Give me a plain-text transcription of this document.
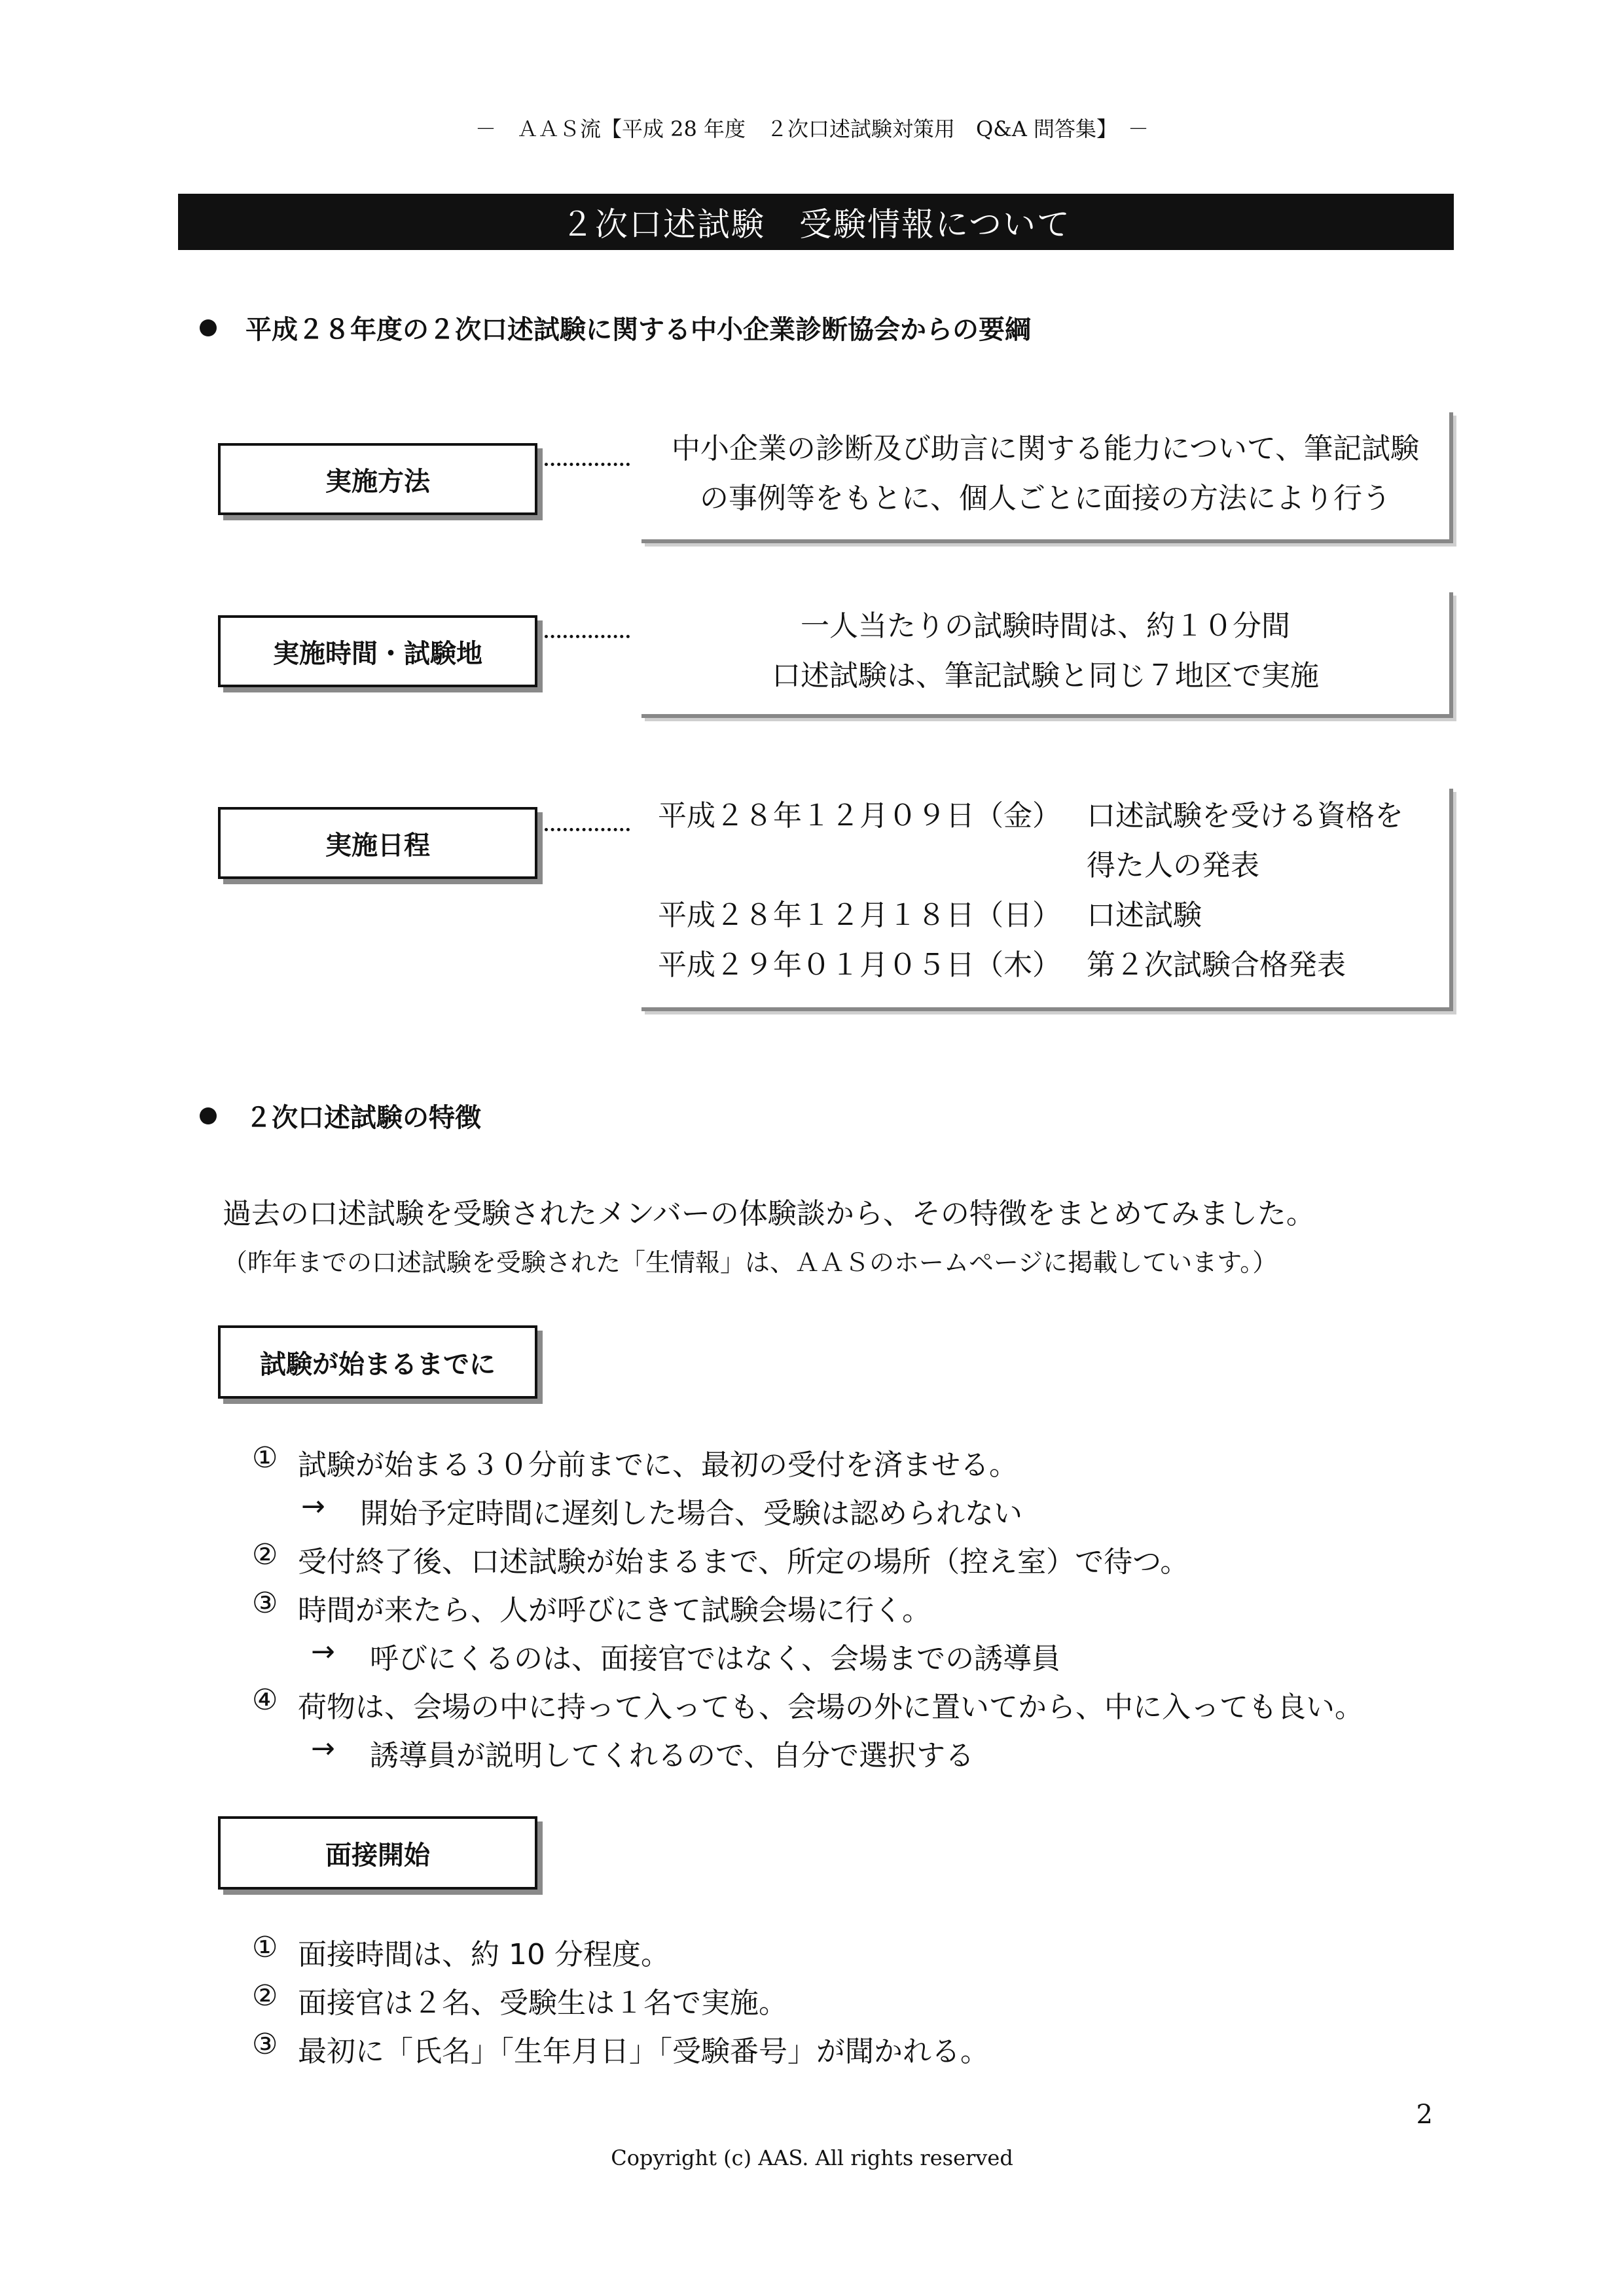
－　ＡＡＳ流【平成 28 年度　２次口述試験対策用　Q&A 問答集】　－
２次口述試験　受験情報について
平成２８年度の２次口述試験に関する中小企業診断協会からの要綱
実施方法
中小企業の診断及び助言に関する能力について、筆記試験
の事例等をもとに、個人ごとに面接の方法により行う
実施時間・試験地
一人当たりの試験時間は、約１０分間
口述試験は、筆記試験と同じ７地区で実施
実施日程
平成２８年１２月０９日（金） 口述試験を受ける資格を
得た人の発表
平成２８年１２月１８日（日） 口述試験
平成２９年０１月０５日（木） 第２次試験合格発表
２次口述試験の特徴
過去の口述試験を受験されたメンバーの体験談から、その特徴をまとめてみました。
（昨年までの口述試験を受験された「生情報」は、ＡＡＳのホームページに掲載しています。）
試験が始まるまでに
① 試験が始まる３０分前までに、最初の受付を済ませる。
→	開始予定時間に遅刻した場合、受験は認められない
② 受付終了後、口述試験が始まるまで、所定の場所（控え室）で待つ。
③ 時間が来たら、人が呼びにきて試験会場に行く。
→	呼びにくるのは、面接官ではなく、会場までの誘導員
④ 荷物は、会場の中に持って入っても、会場の外に置いてから、中に入っても良い。
→	誘導員が説明してくれるので、自分で選択する
面接開始
① 面接時間は、約 10 分程度。
② 面接官は２名、受験生は１名で実施。
③ 最初に「氏名」「生年月日」「受験番号」が聞かれる。
2
Copyright (c) AAS. All rights reserved
